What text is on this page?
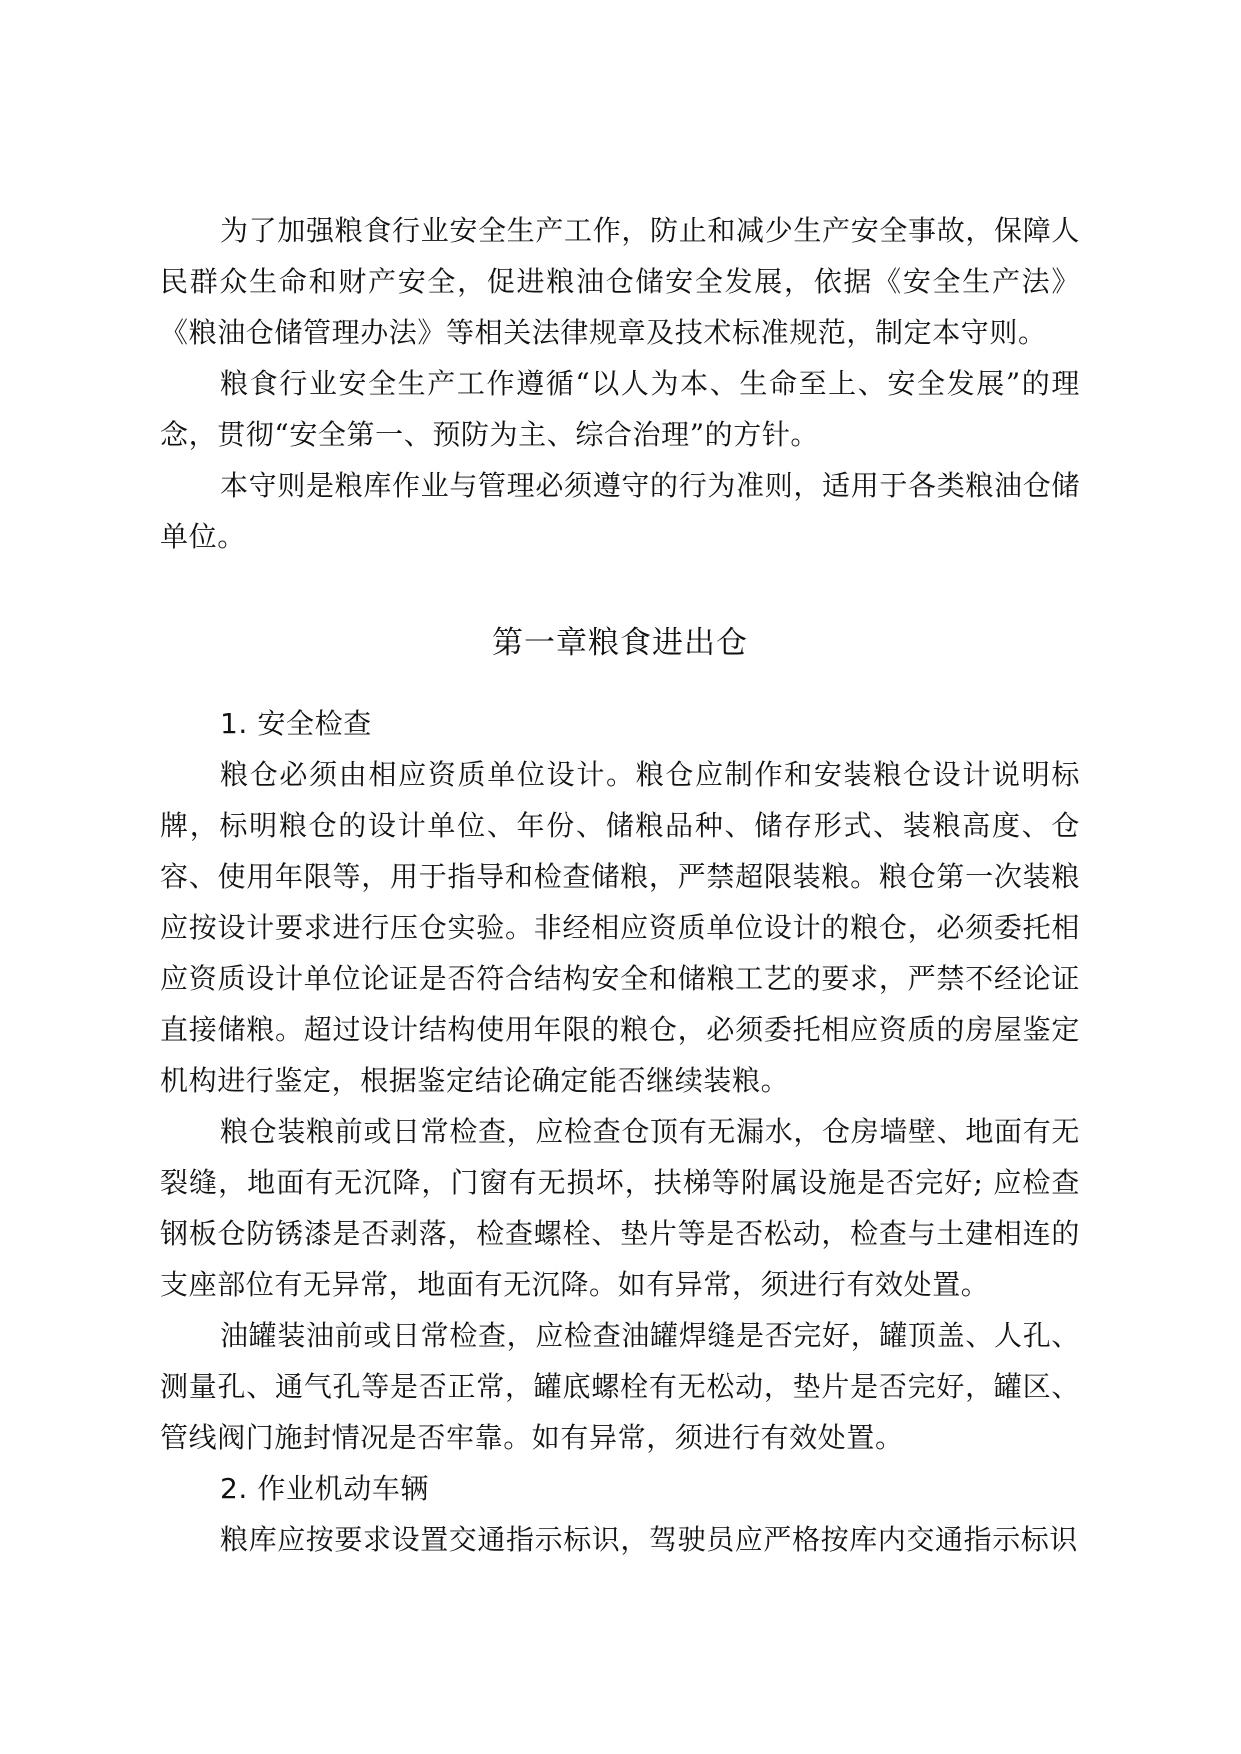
为了加强粮食行业安全生产工作，防止和减少生产安全事故，保障人民群众生命和财产安全，促进粮油仓储安全发展，依据《安全生产法》《粮油仓储管理办法》等相关法律规章及技术标准规范，制定本守则。

粮食行业安全生产工作遵循“以人为本、生命至上、安全发展”的理念，贯彻“安全第一、预防为主、综合治理”的方针。

本守则是粮库作业与管理必须遵守的行为准则，适用于各类粮油仓储单位。

第一章粮食进出仓
1. 安全检查

粮仓必须由相应资质单位设计。粮仓应制作和安装粮仓设计说明标牌，标明粮仓的设计单位、年份、储粮品种、储存形式、装粮高度、仓容、使用年限等，用于指导和检查储粮，严禁超限装粮。粮仓第一次装粮应按设计要求进行压仓实验。非经相应资质单位设计的粮仓，必须委托相应资质设计单位论证是否符合结构安全和储粮工艺的要求，严禁不经论证直接储粮。超过设计结构使用年限的粮仓，必须委托相应资质的房屋鉴定机构进行鉴定，根据鉴定结论确定能否继续装粮。

粮仓装粮前或日常检查，应检查仓顶有无漏水，仓房墙壁、地面有无裂缝，地面有无沉降，门窗有无损坏，扶梯等附属设施是否完好; 应检查钢板仓防锈漆是否剥落，检查螺栓、垫片等是否松动，检查与土建相连的支座部位有无异常，地面有无沉降。如有异常，须进行有效处置。

油罐装油前或日常检查，应检查油罐焊缝是否完好，罐顶盖、人孔、测量孔、通气孔等是否正常，罐底螺栓有无松动，垫片是否完好，罐区、管线阀门施封情况是否牢靠。如有异常，须进行有效处置。

2. 作业机动车辆

粮库应按要求设置交通指示标识，驾驶员应严格按库内交通指示标识
